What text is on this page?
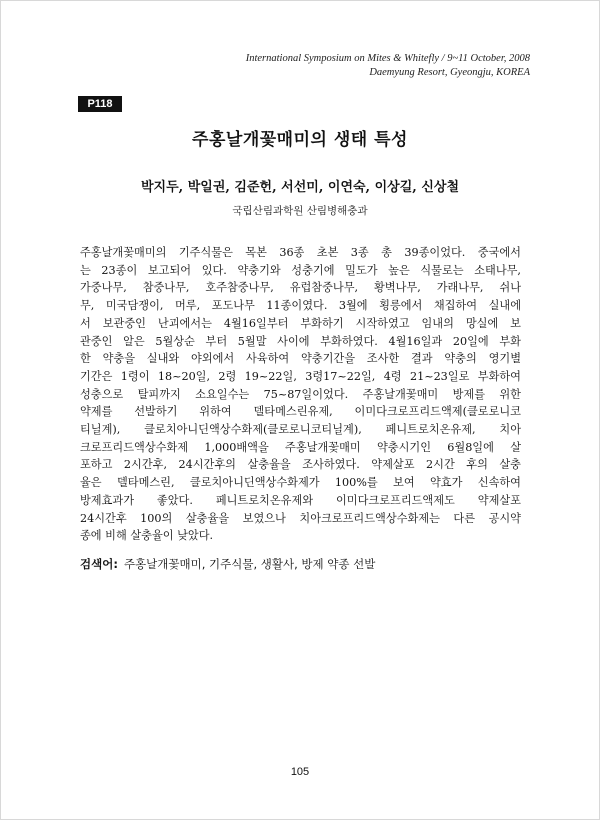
International Symposium on Mites & Whitefly / 9~11 October, 2008
Daemyung Resort, Gyeongju, KOREA
P118
주홍날개꽃매미의 생태 특성
박지두, 박일권, 김준헌, 서선미, 이연숙, 이상길, 신상철
국립산림과학원 산림병해충과
주홍날개꽃매미의 기주식물은 목본 36종 초본 3종 총 39종이었다. 중국에서
는 23종이 보고되어 있다. 약충기와 성충기에 밀도가 높은 식물로는 소태나무,
가중나무, 참중나무, 호주참중나무, 유럽참중나무, 황벽나무, 가래나무, 쉬나
무, 미국담쟁이, 머루, 포도나무 11종이였다. 3월에 횡릉에서 채집하여 실내에
서 보관중인 난괴에서는 4월16일부터 부화하기 시작하였고 임내의 망실에 보
관중인 알은 5월상순 부터 5월말 사이에 부화하였다. 4월16일과 20일에 부화
한 약충을 실내와 야외에서 사육하여 약충기간을 조사한 결과 약충의 영기별
기간은 1령이 18~20일, 2령 19~22일, 3령17~22일, 4령 21~23일로 부화하여
성충으로 탈피까지 소요일수는 75~87일이었다. 주홍날개꽃매미 방제를 위한
약제를 선발하기 위하여 델타메스린유제, 이미다크로프리드액제(클로로니코
티닐계), 클로치아니딘액상수화제(클로로니코티닐계), 페니트로치온유제, 치아
크로프리드액상수화제 1,000배액을 주홍날개꽃매미 약충시기인 6월8일에 살
포하고 2시간후, 24시간후의 살충율을 조사하였다. 약제살포 2시간 후의 살충
율은 델타메스린, 클로치아니딘액상수화제가 100%를 보여 약효가 신속하여
방제효과가 좋았다. 페니트로치온유제와 이미다크로프리드액제도 약제살포
24시간후 100의 살충율을 보였으나 치아크로프리드액상수화제는 다른 공시약
종에 비해 살충율이 낮았다.
검색어: 주홍날개꽃매미, 기주식물, 생활사, 방제 약종 선발
105
